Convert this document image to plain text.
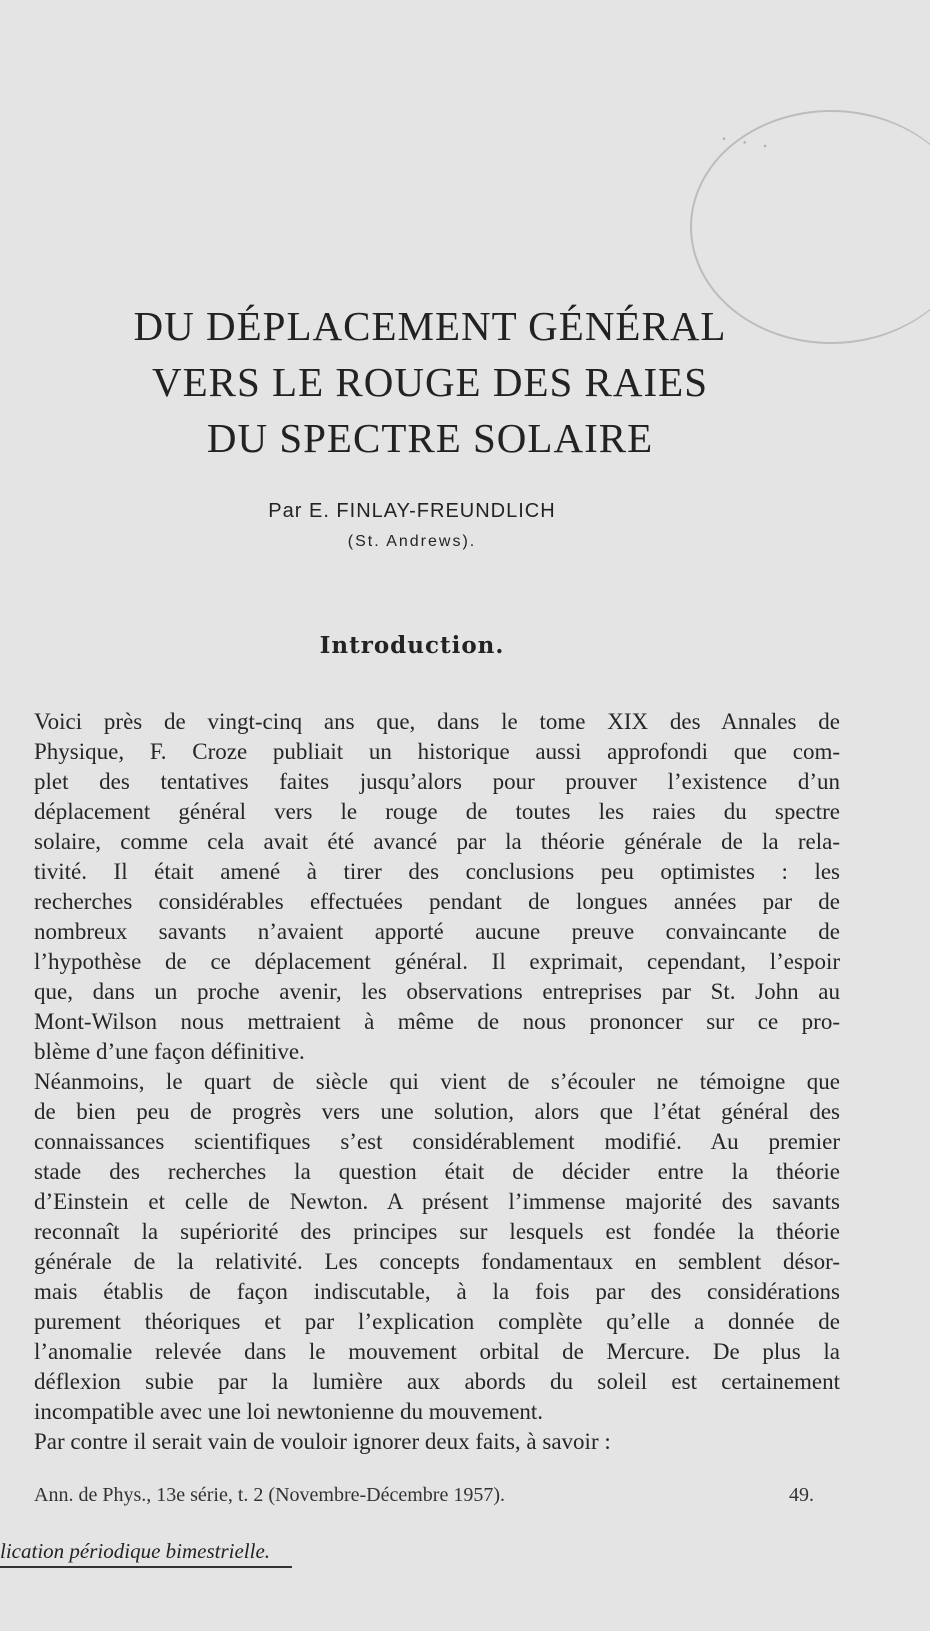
· · ·
DU DÉPLACEMENT GÉNÉRAL
VERS LE ROUGE DES RAIES
DU SPECTRE SOLAIRE
Par E. FINLAY-FREUNDLICH
(St. Andrews).
Introduction.
Voici près de vingt-cinq ans que, dans le tome XIX des Annales de
Physique, F. Croze publiait un historique aussi approfondi que com-
plet des tentatives faites jusqu’alors pour prouver l’existence d’un
déplacement général vers le rouge de toutes les raies du spectre
solaire, comme cela avait été avancé par la théorie générale de la rela-
tivité. Il était amené à tirer des conclusions peu optimistes : les
recherches considérables effectuées pendant de longues années par de
nombreux savants n’avaient apporté aucune preuve convaincante de
l’hypothèse de ce déplacement général. Il exprimait, cependant, l’espoir
que, dans un proche avenir, les observations entreprises par St. John au
Mont-Wilson nous mettraient à même de nous prononcer sur ce pro-
blème d’une façon définitive.
Néanmoins, le quart de siècle qui vient de s’écouler ne témoigne que
de bien peu de progrès vers une solution, alors que l’état général des
connaissances scientifiques s’est considérablement modifié. Au premier
stade des recherches la question était de décider entre la théorie
d’Einstein et celle de Newton. A présent l’immense majorité des savants
reconnaît la supériorité des principes sur lesquels est fondée la théorie
générale de la relativité. Les concepts fondamentaux en semblent désor-
mais établis de façon indiscutable, à la fois par des considérations
purement théoriques et par l’explication complète qu’elle a donnée de
l’anomalie relevée dans le mouvement orbital de Mercure. De plus la
déflexion subie par la lumière aux abords du soleil est certainement
incompatible avec une loi newtonienne du mouvement.
Par contre il serait vain de vouloir ignorer deux faits, à savoir :
Ann. de Phys., 13e série, t. 2 (Novembre-Décembre 1957).	49.
lication périodique bimestrielle.
